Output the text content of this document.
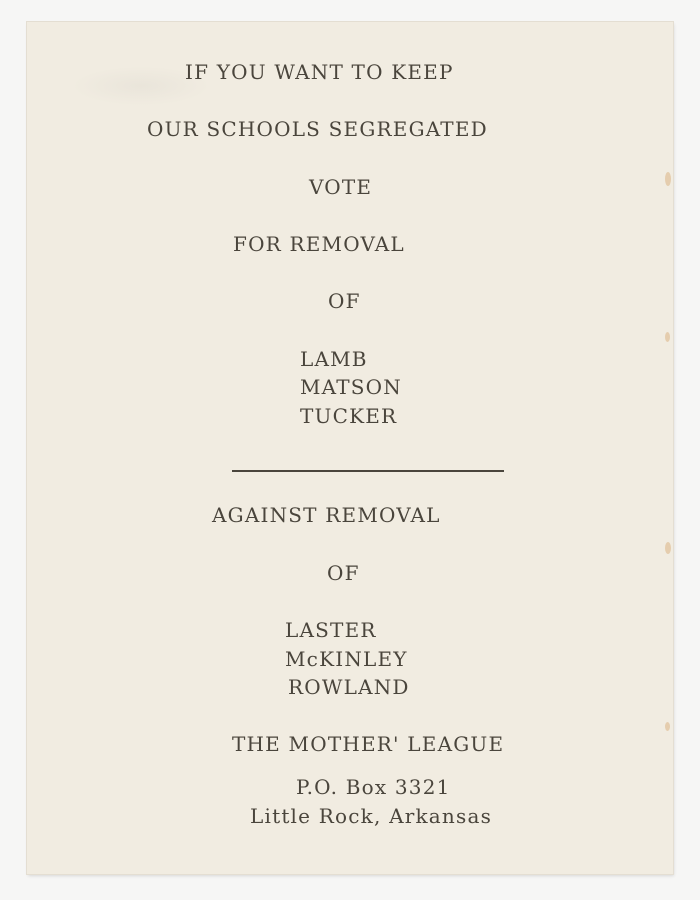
IF YOU WANT TO KEEP
OUR SCHOOLS SEGREGATED
VOTE
FOR REMOVAL
OF
LAMB
MATSON
TUCKER
AGAINST REMOVAL
OF
LASTER
McKINLEY
ROWLAND
THE MOTHER' LEAGUE
P.O. Box 3321
Little Rock, Arkansas
